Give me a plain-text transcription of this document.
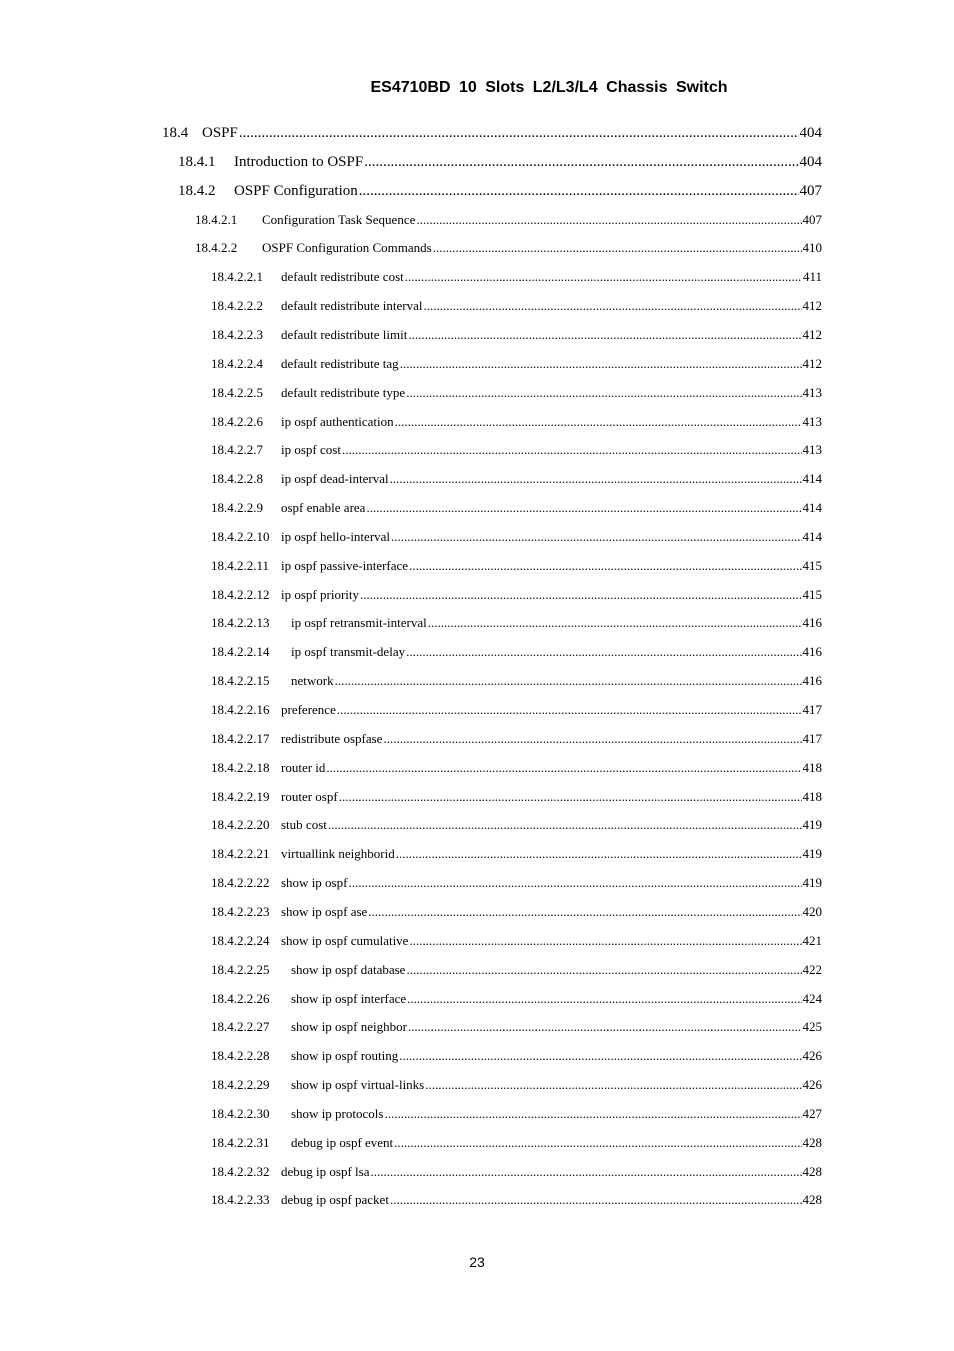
ES4710BD 10 Slots L2/L3/L4 Chassis Switch
18.4 OSPF .....	404
18.4.1	Introduction to OSPF .....	404
18.4.2	OSPF Configuration .....	407
18.4.2.1	Configuration Task Sequence .....	407
18.4.2.2	OSPF Configuration Commands .....	410
18.4.2.2.1	default redistribute cost .....	411
18.4.2.2.2	default redistribute interval .....	412
18.4.2.2.3	default redistribute limit .....	412
18.4.2.2.4	default redistribute tag .....	412
18.4.2.2.5	default redistribute type .....	413
18.4.2.2.6	ip ospf authentication .....	413
18.4.2.2.7	ip ospf cost .....	413
18.4.2.2.8	ip ospf dead-interval .....	414
18.4.2.2.9	ospf enable area .....	414
18.4.2.2.10 ip ospf hello-interval .....	414
18.4.2.2.11 ip ospf passive-interface .....	415
18.4.2.2.12 ip ospf priority .....	415
18.4.2.2.13	ip ospf retransmit-interval .....	416
18.4.2.2.14	ip ospf transmit-delay .....	416
18.4.2.2.15	network .....	416
18.4.2.2.16 preference .....	417
18.4.2.2.17 redistribute ospfase .....	417
18.4.2.2.18 router id .....	418
18.4.2.2.19 router ospf .....	418
18.4.2.2.20 stub cost .....	419
18.4.2.2.21 virtuallink neighborid .....	419
18.4.2.2.22 show ip ospf .....	419
18.4.2.2.23 show ip ospf ase .....	420
18.4.2.2.24 show ip ospf cumulative .....	421
18.4.2.2.25	show ip ospf database .....	422
18.4.2.2.26	show ip ospf interface .....	424
18.4.2.2.27	show ip ospf neighbor .....	425
18.4.2.2.28	show ip ospf routing .....	426
18.4.2.2.29	show ip ospf virtual-links .....	426
18.4.2.2.30	show ip protocols .....	427
18.4.2.2.31	debug ip ospf event .....	428
18.4.2.2.32 debug ip ospf lsa .....	428
18.4.2.2.33 debug ip ospf packet .....	428
23
